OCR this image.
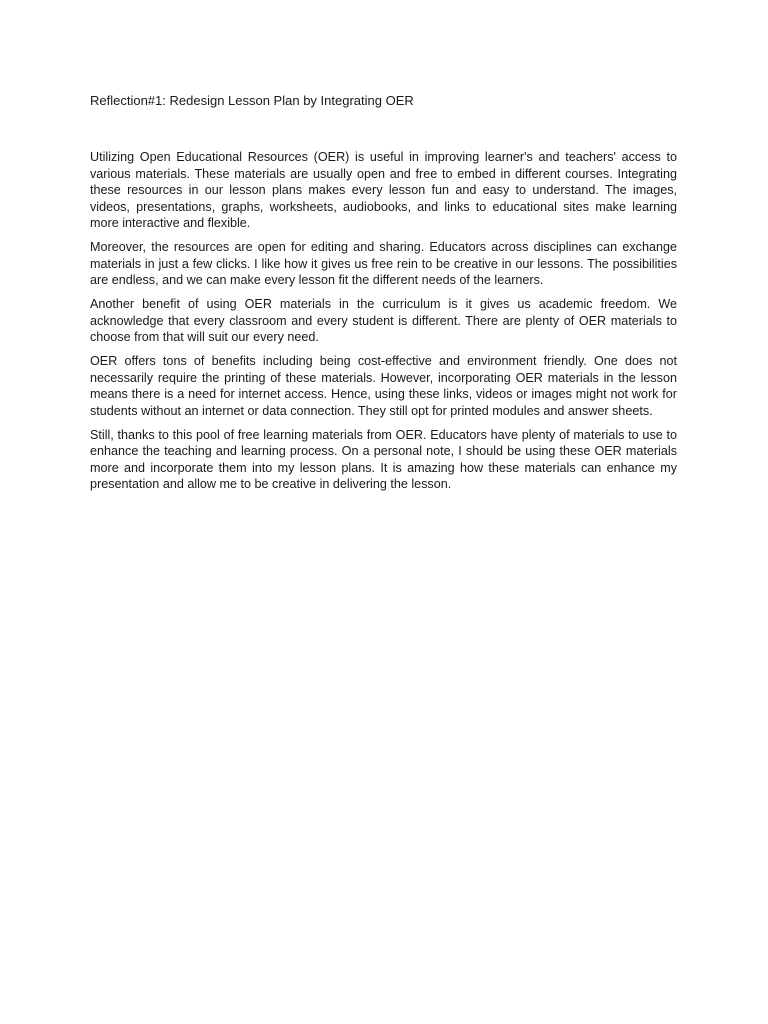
Reflection#1: Redesign Lesson Plan by Integrating OER

Utilizing Open Educational Resources (OER) is useful in improving learner's and teachers' access to various materials. These materials are usually open and free to embed in different courses. Integrating these resources in our lesson plans makes every lesson fun and easy to understand. The images, videos, presentations, graphs, worksheets, audiobooks, and links to educational sites make learning more interactive and flexible.

Moreover, the resources are open for editing and sharing. Educators across disciplines can exchange materials in just a few clicks. I like how it gives us free rein to be creative in our lessons. The possibilities are endless, and we can make every lesson fit the different needs of the learners.

Another benefit of using OER materials in the curriculum is it gives us academic freedom. We acknowledge that every classroom and every student is different. There are plenty of OER materials to choose from that will suit our every need.

OER offers tons of benefits including being cost-effective and environment friendly. One does not necessarily require the printing of these materials. However, incorporating OER materials in the lesson means there is a need for internet access. Hence, using these links, videos or images might not work for students without an internet or data connection. They still opt for printed modules and answer sheets.

Still, thanks to this pool of free learning materials from OER. Educators have plenty of materials to use to enhance the teaching and learning process. On a personal note, I should be using these OER materials more and incorporate them into my lesson plans. It is amazing how these materials can enhance my presentation and allow me to be creative in delivering the lesson.
